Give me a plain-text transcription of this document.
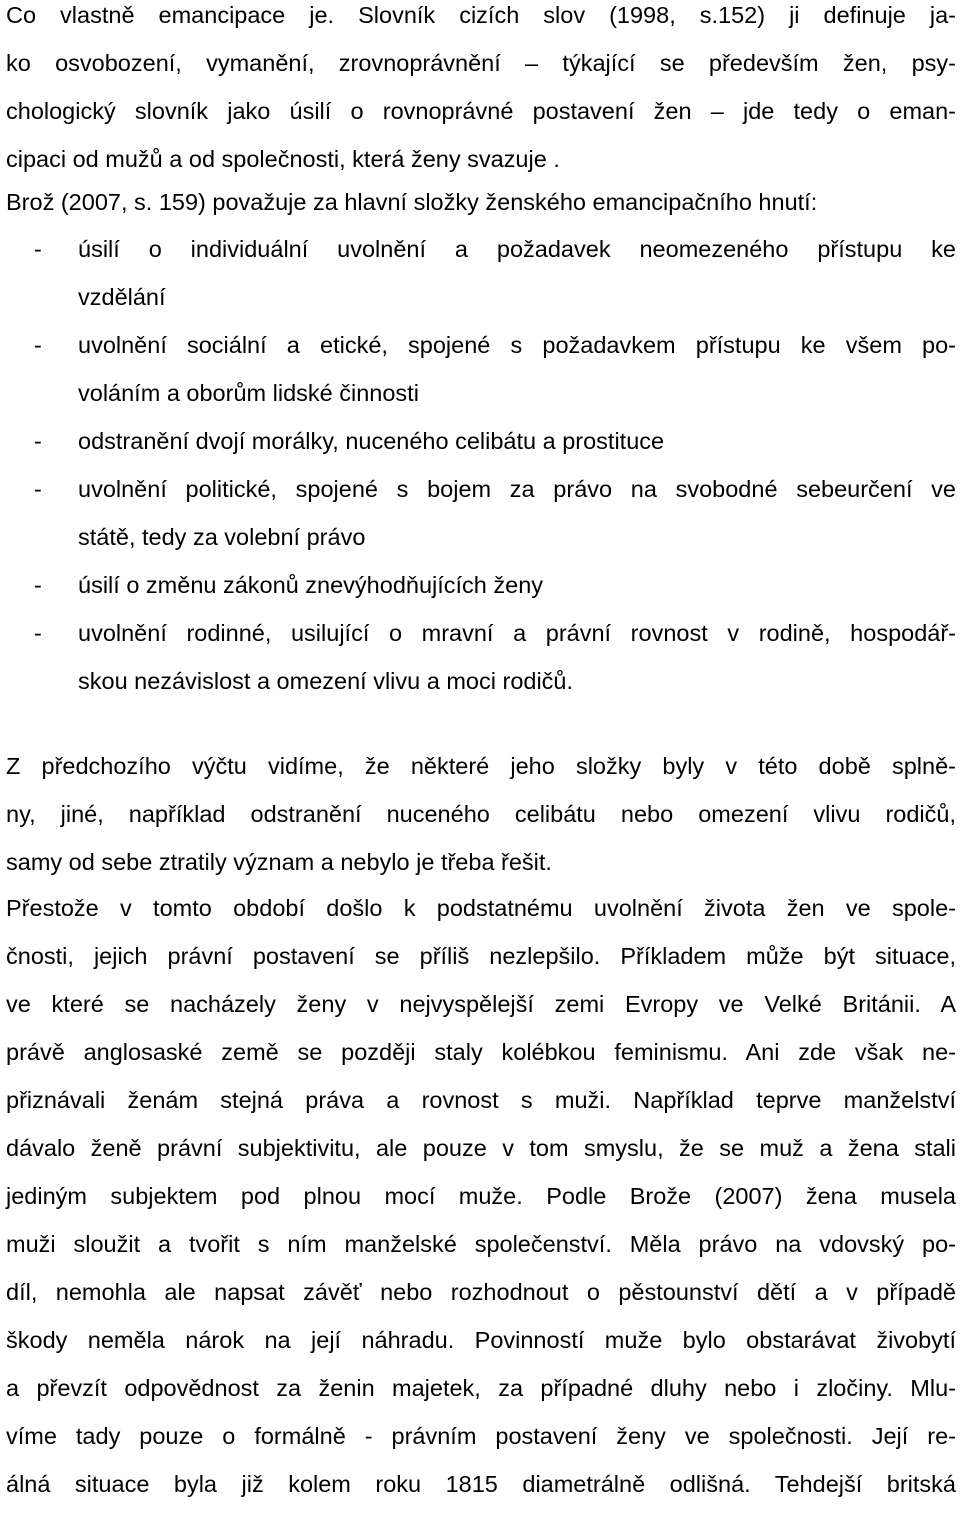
Co vlastně emancipace je. Slovník cizích slov (1998, s.152) ji definuje ja-
ko osvobození, vymanění, zrovnoprávnění – týkající se především žen, psy-
chologický slovník jako úsilí o rovnoprávné postavení žen – jde tedy o eman-
cipaci od mužů a od společnosti, která ženy svazuje .
Brož (2007, s. 159) považuje za hlavní složky ženského emancipačního hnutí:
- úsilí o individuální uvolnění a požadavek neomezeného přístupu ke
vzdělání
- uvolnění sociální a etické, spojené s požadavkem přístupu ke všem po-
voláním a oborům lidské činnosti
- odstranění dvojí morálky, nuceného celibátu a prostituce
- uvolnění politické, spojené s bojem za právo na svobodné sebeurčení ve
státě, tedy za volební právo
- úsilí o změnu zákonů znevýhodňujících ženy
- uvolnění rodinné, usilující o mravní a právní rovnost v rodině, hospodář-
skou nezávislost a omezení vlivu a moci rodičů.
Z předchozího výčtu vidíme, že některé jeho složky byly v této době splně-
ny, jiné, například odstranění nuceného celibátu nebo omezení vlivu rodičů,
samy od sebe ztratily význam a nebylo je třeba řešit.
Přestože v tomto období došlo k podstatnému uvolnění života žen ve spole-
čnosti, jejich právní postavení se příliš nezlepšilo. Příkladem může být situace,
ve které se nacházely ženy v nejvyspělejší zemi Evropy ve Velké Británii. A
právě anglosaské země se později staly kolébkou feminismu. Ani zde však ne-
přiznávali ženám stejná práva a rovnost s muži. Například teprve manželství
dávalo ženě právní subjektivitu, ale pouze v tom smyslu, že se muž a žena stali
jediným subjektem pod plnou mocí muže. Podle Brože (2007) žena musela
muži sloužit a tvořit s ním manželské společenství. Měla právo na vdovský po-
díl, nemohla ale napsat závěť nebo rozhodnout o pěstounství dětí a v případě
škody neměla nárok na její náhradu. Povinností muže bylo obstarávat živobytí
a převzít odpovědnost za ženin majetek, za případné dluhy nebo i zločiny. Mlu-
víme tady pouze o formálně - právním postavení ženy ve společnosti. Její re-
álná situace byla již kolem roku 1815 diametrálně odlišná. Tehdejší britská
